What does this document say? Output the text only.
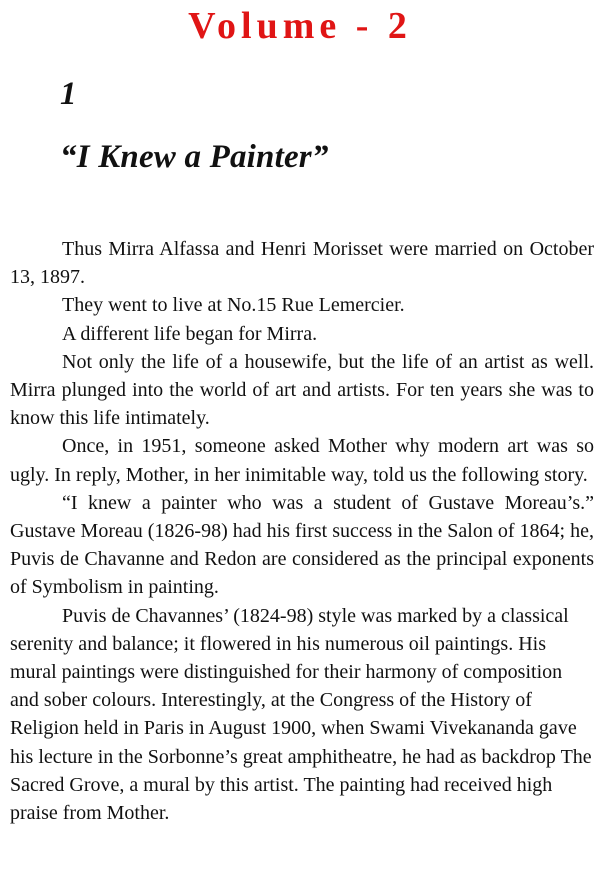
Volume - 2
1
“I Knew a Painter”

Thus Mirra Alfassa and Henri Morisset were married on October 13, 1897.

They went to live at No.15 Rue Lemercier.

A different life began for Mirra.

Not only the life of a housewife, but the life of an artist as well. Mirra plunged into the world of art and artists. For ten years she was to know this life intimately.

Once, in 1951, someone asked Mother why modern art was so ugly. In reply, Mother, in her inimitable way, told us the following story.

“I knew a painter who was a student of Gustave Moreau’s.” Gustave Moreau (1826-98) had his first success in the Salon of 1864; he, Puvis de Chavanne and Redon are considered as the principal exponents of Symbolism in painting.

Puvis de Chavannes’ (1824-98) style was marked by a classical serenity and balance; it flowered in his numerous oil paintings. His mural paintings were distinguished for their harmony of composition and sober colours. Interestingly, at the Congress of the History of Religion held in Paris in August 1900, when Swami Vivekananda gave his lecture in the Sorbonne’s great amphitheatre, he had as backdrop The Sacred Grove, a mural by this artist. The painting had received high praise from Mother.
